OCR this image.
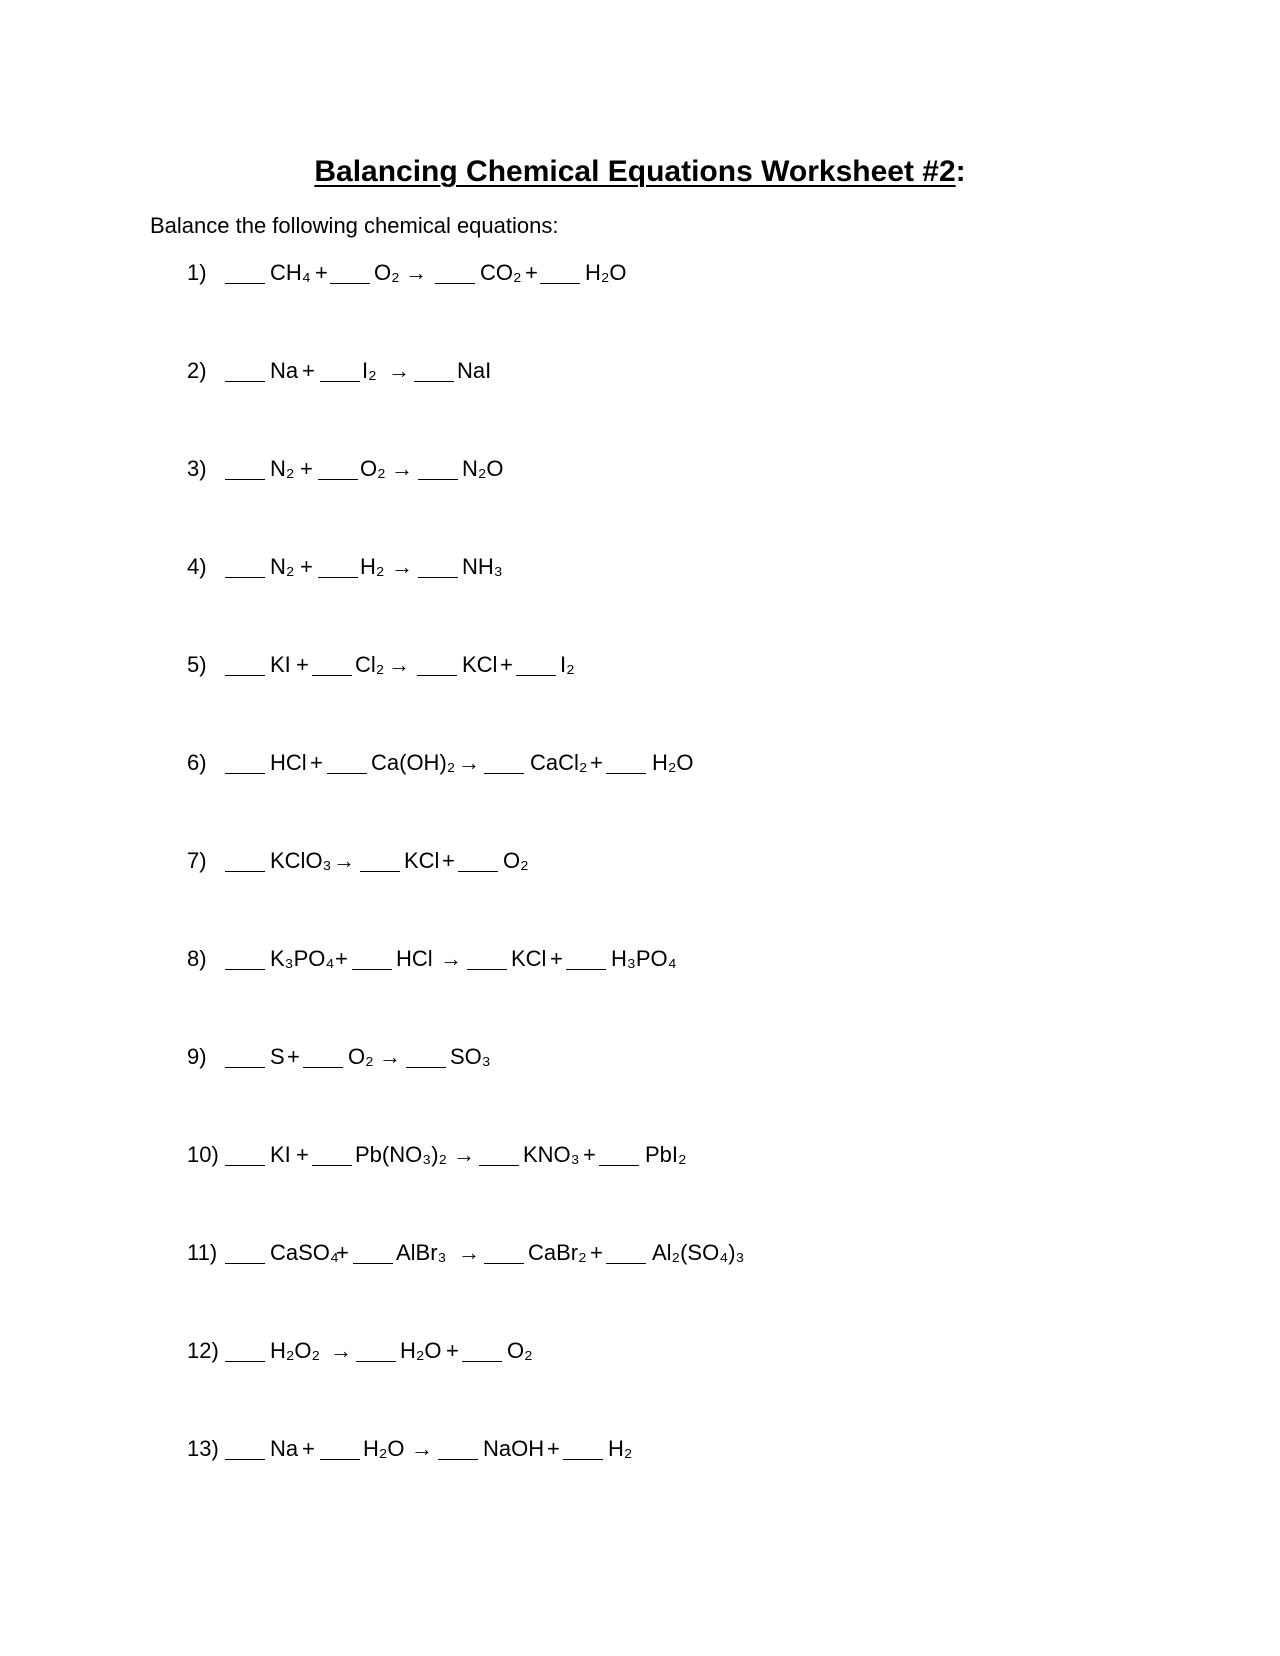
Balancing Chemical Equations Worksheet #2:
Balance the following chemical equations:
1)	CH₄ + O₂ → CO₂ + H₂O
2)	Na + I₂ → NaI
3)	N₂ + O₂ → N₂O
4)	N₂ + H₂ → NH₃
5)	KI + Cl₂ → KCl + I₂
6)	HCl + Ca(OH)₂ → CaCl₂ + H₂O
7)	KClO₃ → KCl + O₂
8)	K₃PO₄ + HCl → KCl + H₃PO₄
9)	S + O₂ → SO₃
10) KI + Pb(NO₃)₂ → KNO₃ + PbI₂
11) CaSO₄
+ AlBr₃ → CaBr₂ + Al₂(SO₄)₃
12) H₂O₂ → H₂O + O₂
13) Na + H₂O → NaOH + H₂
